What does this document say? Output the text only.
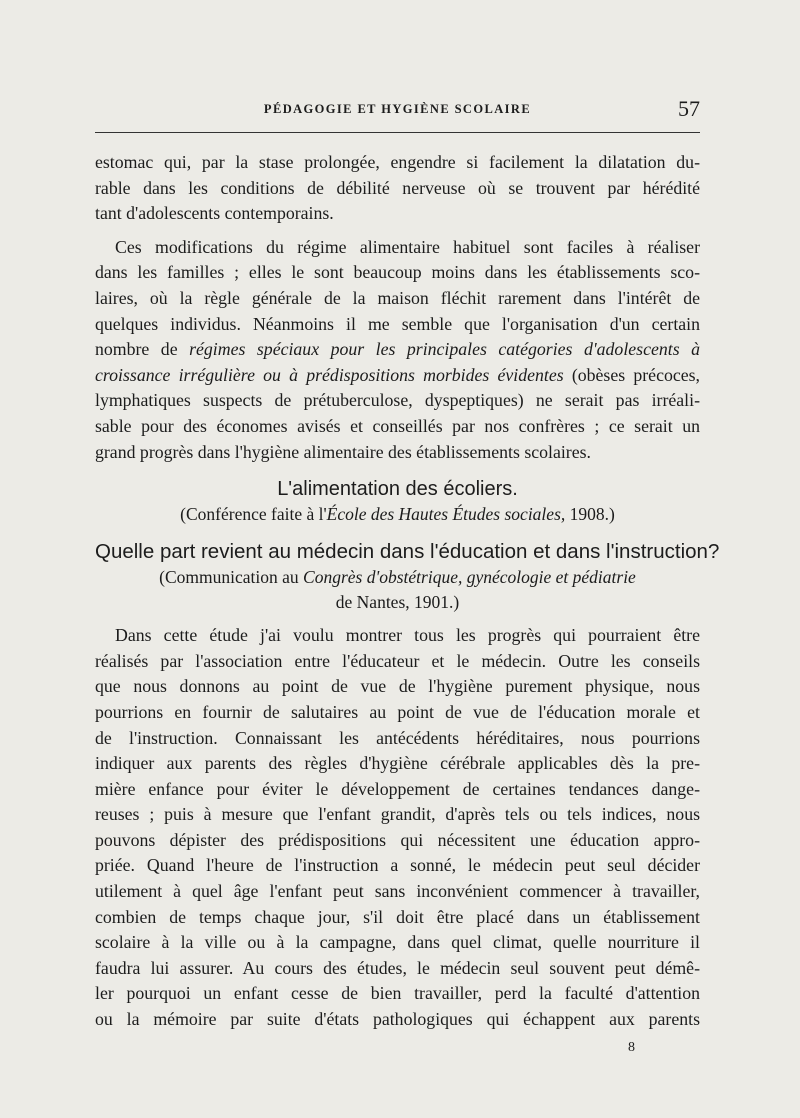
PÉDAGOGIE ET HYGIÈNE SCOLAIRE	57

estomac qui, par la stase prolongée, engendre si facilement la dilatation du-
rable dans les conditions de débilité nerveuse où se trouvent par hérédité
tant d'adolescents contemporains.

Ces modifications du régime alimentaire habituel sont faciles à réaliser
dans les familles ; elles le sont beaucoup moins dans les établissements sco-
laires, où la règle générale de la maison fléchit rarement dans l'intérêt de
quelques individus. Néanmoins il me semble que l'organisation d'un certain
nombre de régimes spéciaux pour les principales catégories d'adolescents à
croissance irrégulière ou à prédispositions morbides évidentes (obèses précoces,
lymphatiques suspects de prétuberculose, dyspeptiques) ne serait pas irréali-
sable pour des économes avisés et conseillés par nos confrères ; ce serait un
grand progrès dans l'hygiène alimentaire des établissements scolaires.

L'alimentation des écoliers.
(Conférence faite à l'École des Hautes Études sociales, 1908.)
Quelle part revient au médecin dans l'éducation et dans l'instruction?
(Communication au Congrès d'obstétrique, gynécologie et pédiatrie
de Nantes, 1901.)

Dans cette étude j'ai voulu montrer tous les progrès qui pourraient être
réalisés par l'association entre l'éducateur et le médecin. Outre les conseils
que nous donnons au point de vue de l'hygiène purement physique, nous
pourrions en fournir de salutaires au point de vue de l'éducation morale et
de l'instruction. Connaissant les antécédents héréditaires, nous pourrions
indiquer aux parents des règles d'hygiène cérébrale applicables dès la pre-
mière enfance pour éviter le développement de certaines tendances dange-
reuses ; puis à mesure que l'enfant grandit, d'après tels ou tels indices, nous
pouvons dépister des prédispositions qui nécessitent une éducation appro-
priée. Quand l'heure de l'instruction a sonné, le médecin peut seul décider
utilement à quel âge l'enfant peut sans inconvénient commencer à travailler,
combien de temps chaque jour, s'il doit être placé dans un établissement
scolaire à la ville ou à la campagne, dans quel climat, quelle nourriture il
faudra lui assurer. Au cours des études, le médecin seul souvent peut démê-
ler pourquoi un enfant cesse de bien travailler, perd la faculté d'attention
ou la mémoire par suite d'états pathologiques qui échappent aux parents

8
